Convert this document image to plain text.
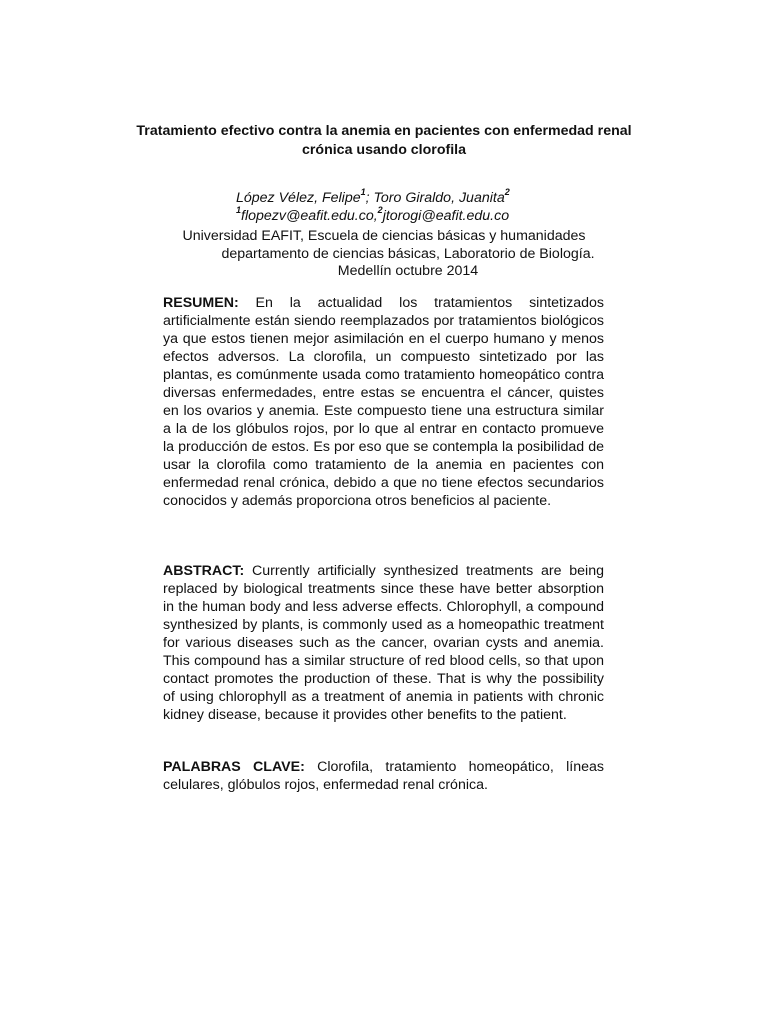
Tratamiento efectivo contra la anemia en pacientes con enfermedad renal
crónica usando clorofila
López Vélez, Felipe$^1$; Toro Giraldo, Juanita$^2$
$^1$flopezv@eafit.edu.co,$^2$jtorogi@eafit.edu.co
Universidad EAFIT, Escuela de ciencias básicas y humanidades
departamento de ciencias básicas, Laboratorio de Biología.
Medellín octubre 2014

RESUMEN: En la actualidad los tratamientos sintetizados artificialmente están siendo reemplazados por tratamientos biológicos ya que estos tienen mejor asimilación en el cuerpo humano y menos efectos adversos. La clorofila, un compuesto sintetizado por las plantas, es comúnmente usada como tratamiento homeopático contra diversas enfermedades, entre estas se encuentra el cáncer, quistes en los ovarios y anemia. Este compuesto tiene una estructura similar a la de los glóbulos rojos, por lo que al entrar en contacto promueve la producción de estos. Es por eso que se contempla la posibilidad de usar la clorofila como tratamiento de la anemia en pacientes con enfermedad renal crónica, debido a que no tiene efectos secundarios conocidos y además proporciona otros beneficios al paciente.

ABSTRACT: Currently artificially synthesized treatments are being replaced by biological treatments since these have better absorption in the human body and less adverse effects. Chlorophyll, a compound synthesized by plants, is commonly used as a homeopathic treatment for various diseases such as the cancer, ovarian cysts and anemia. This compound has a similar structure of red blood cells, so that upon contact promotes the production of these. That is why the possibility of using chlorophyll as a treatment of anemia in patients with chronic kidney disease, because it provides other benefits to the patient.

PALABRAS CLAVE: Clorofila, tratamiento homeopático, líneas celulares, glóbulos rojos, enfermedad renal crónica.
